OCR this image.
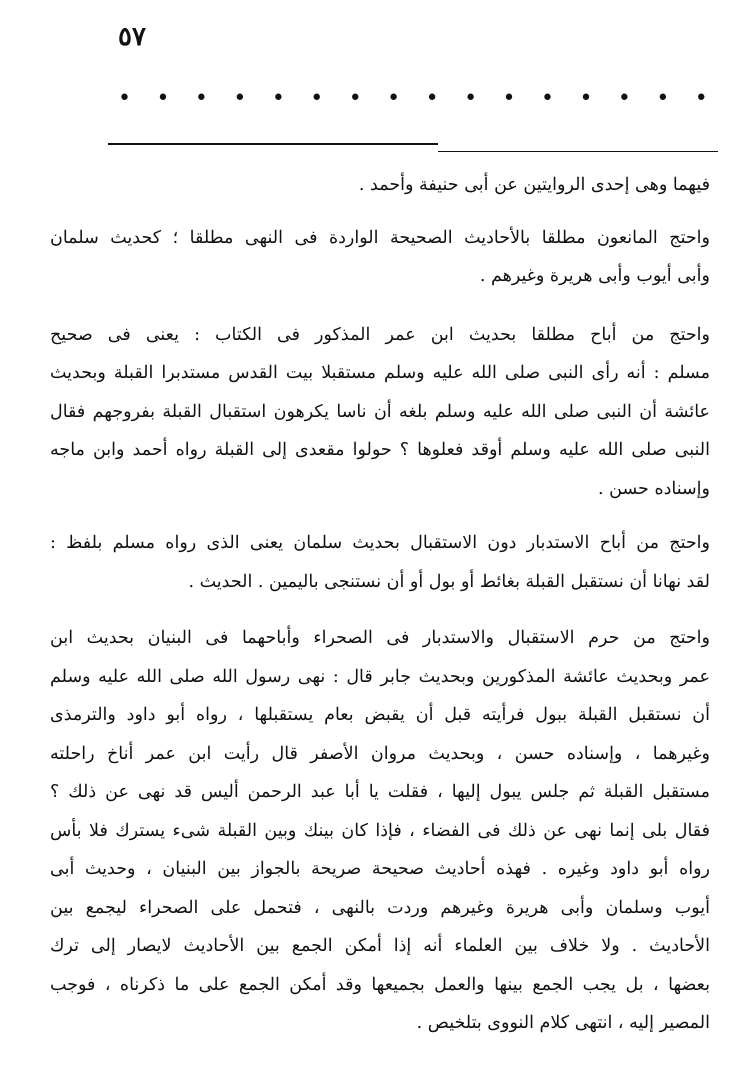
٥٧
• • • • • • • • • • • • • • • •

فيهما وهى إحدى الروايتين عن أبى حنيفة وأحمد .

واحتج المانعون مطلقا بالأحاديث الصحيحة الواردة فى النهى مطلقا ؛ كحديث سلمان
وأبى أيوب وأبى هريرة وغيرهم .

واحتج من أباح مطلقا بحديث ابن عمر المذكور فى الكتاب : يعنى فى صحيح
مسلم : أنه رأى النبى صلى الله عليه وسلم مستقبلا بيت القدس مستدبرا القبلة وبحديث
عائشة أن النبى صلى الله عليه وسلم بلغه أن ناسا يكرهون استقبال القبلة بفروجهم فقال
النبى صلى الله عليه وسلم أوقد فعلوها ؟ حولوا مقعدى إلى القبلة رواه أحمد وابن ماجه
وإسناده حسن .

واحتج من أباح الاستدبار دون الاستقبال بحديث سلمان يعنى الذى رواه مسلم بلفظ :
لقد نهانا أن نستقبل القبلة بغائط أو بول أو أن نستنجى باليمين . الحديث .

واحتج من حرم الاستقبال والاستدبار فى الصحراء وأباحهما فى البنيان بحديث ابن
عمر وبحديث عائشة المذكورين وبحديث جابر قال : نهى رسول الله صلى الله عليه وسلم
أن نستقبل القبلة ببول فرأيته قبل أن يقبض بعام يستقبلها ، رواه أبو داود والترمذى
وغيرهما ، وإسناده حسن ، وبحديث مروان الأصفر قال رأيت ابن عمر أناخ راحلته
مستقبل القبلة ثم جلس يبول إليها ، فقلت يا أبا عبد الرحمن أليس قد نهى عن ذلك ؟
فقال بلى إنما نهى عن ذلك فى الفضاء ، فإذا كان بينك وبين القبلة شىء يسترك فلا بأس
رواه أبو داود وغيره . فهذه أحاديث صحيحة صريحة بالجواز بين البنيان ، وحديث أبى
أيوب وسلمان وأبى هريرة وغيرهم وردت بالنهى ، فتحمل على الصحراء ليجمع بين
الأحاديث . ولا خلاف بين العلماء أنه إذا أمكن الجمع بين الأحاديث لايصار إلى ترك
بعضها ، بل يجب الجمع بينها والعمل بجميعها وقد أمكن الجمع على ما ذكرناه ، فوجب
المصير إليه ، انتهى كلام النووى بتلخيص .
